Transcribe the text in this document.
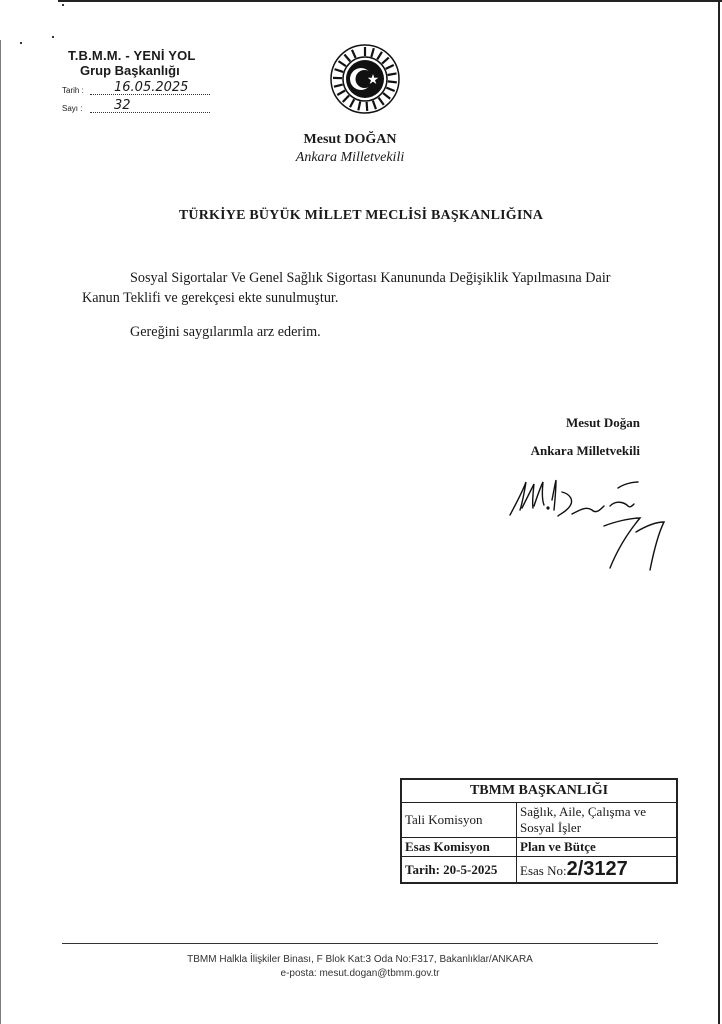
T.B.M.M. - YENİ YOL
Grup Başkanlığı
Tarih :	16.05.2025
Sayı :	32
Mesut DOĞAN
Ankara Milletvekili
TÜRKİYE BÜYÜK MİLLET MECLİSİ BAŞKANLIĞINA
Sosyal Sigortalar Ve Genel Sağlık Sigortası Kanununda Değişiklik Yapılmasına Dair Kanun Teklifi ve gerekçesi ekte sunulmuştur.
Gereğini saygılarımla arz ederim.
Mesut Doğan
Ankara Milletvekili
TBMM BAŞKANLIĞI	
Tali Komisyon	Sağlık, Aile, Çalışma ve Sosyal İşler
Esas Komisyon	Plan ve Bütçe
Tarih: 20-5-2025	Esas No:2/3127
TBMM Halkla İlişkiler Binası, F Blok Kat:3 Oda No:F317, Bakanlıklar/ANKARA
e-posta: mesut.dogan@tbmm.gov.tr
